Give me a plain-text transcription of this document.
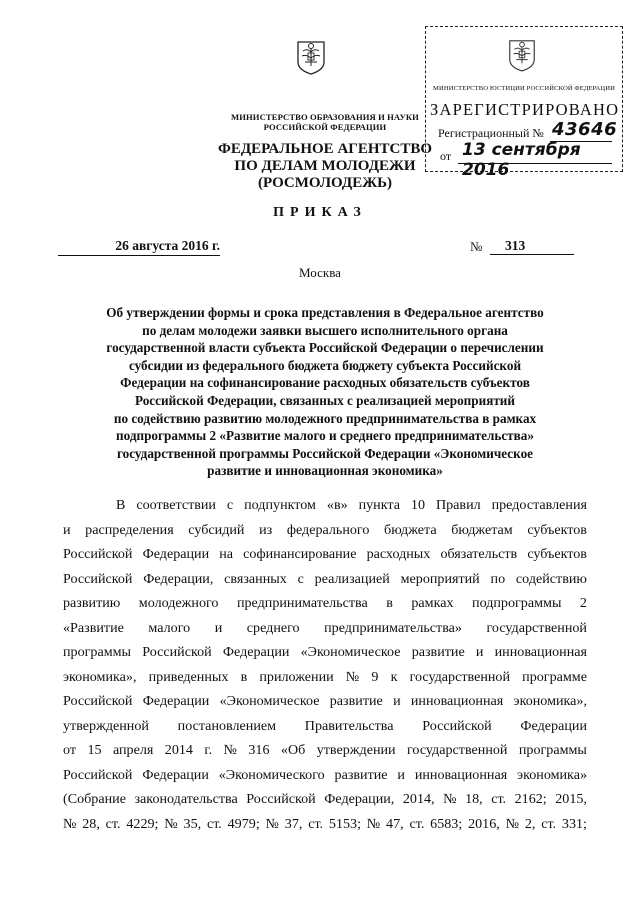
МИНИСТЕРСТВО ОБРАЗОВАНИЯ И НАУКИ
РОССИЙСКОЙ ФЕДЕРАЦИИ
ФЕДЕРАЛЬНОЕ АГЕНТСТВО
ПО ДЕЛАМ МОЛОДЕЖИ
(РОСМОЛОДЕЖЬ)
МИНИСТЕРСТВО ЮСТИЦИИ РОССИЙСКОЙ ФЕДЕРАЦИИ
ЗАРЕГИСТРИРОВАНО
Регистрационный № 43646
от 13 сентября 2016
ПРИКАЗ
26 августа 2016 г.	№	313
Москва
Об утверждении формы и срока представления в Федеральное агентство
по делам молодежи заявки высшего исполнительного органа
государственной власти субъекта Российской Федерации о перечислении
субсидии из федерального бюджета бюджету субъекта Российской
Федерации на софинансирование расходных обязательств субъектов
Российской Федерации, связанных с реализацией мероприятий
по содействию развитию молодежного предпринимательства в рамках
подпрограммы 2 «Развитие малого и среднего предпринимательства»
государственной программы Российской Федерации «Экономическое
развитие и инновационная экономика»
В соответствии с подпунктом «в» пункта 10 Правил предоставления
и распределения субсидий из федерального бюджета бюджетам субъектов
Российской Федерации на софинансирование расходных обязательств субъектов
Российской Федерации, связанных с реализацией мероприятий по содействию
развитию молодежного предпринимательства в рамках подпрограммы 2
«Развитие малого и среднего предпринимательства» государственной
программы Российской Федерации «Экономическое развитие и инновационная
экономика», приведенных в приложении № 9 к государственной программе
Российской Федерации «Экономическое развитие и инновационная экономика»,
утвержденной постановлением Правительства Российской Федерации
от 15 апреля 2014 г. № 316 «Об утверждении государственной программы
Российской Федерации «Экономического развитие и инновационная экономика»
(Собрание законодательства Российской Федерации, 2014, № 18, ст. 2162; 2015,
№ 28, ст. 4229; № 35, ст. 4979; № 37, ст. 5153; № 47, ст. 6583; 2016, № 2, ст. 331;
